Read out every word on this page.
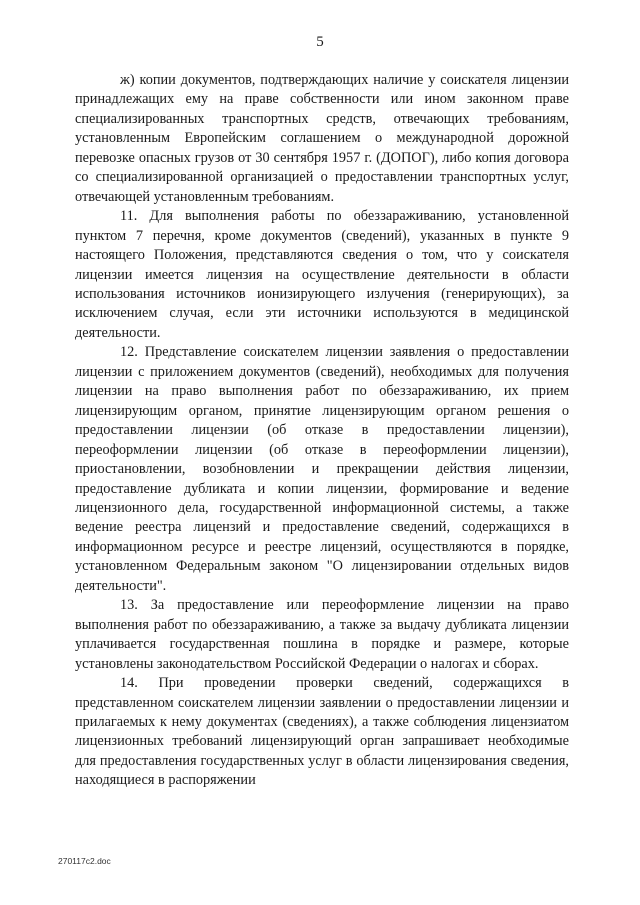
5

ж) копии документов, подтверждающих наличие у соискателя лицензии принадлежащих ему на праве собственности или ином законном праве специализированных транспортных средств, отвечающих требованиям, установленным Европейским соглашением о международной дорожной перевозке опасных грузов от 30 сентября 1957 г. (ДОПОГ), либо копия договора со специализированной организацией о предоставлении транспортных услуг, отвечающей установленным требованиям.

11. Для выполнения работы по обеззараживанию, установленной пунктом 7 перечня, кроме документов (сведений), указанных в пункте 9 настоящего Положения, представляются сведения о том, что у соискателя лицензии имеется лицензия на осуществление деятельности в области использования источников ионизирующего излучения (генерирующих), за исключением случая, если эти источники используются в медицинской деятельности.

12. Представление соискателем лицензии заявления о предоставлении лицензии с приложением документов (сведений), необходимых для получения лицензии на право выполнения работ по обеззараживанию, их прием лицензирующим органом, принятие лицензирующим органом решения о предоставлении лицензии (об отказе в предоставлении лицензии), переоформлении лицензии (об отказе в переоформлении лицензии), приостановлении, возобновлении и прекращении действия лицензии, предоставление дубликата и копии лицензии, формирование и ведение лицензионного дела, государственной информационной системы, а также ведение реестра лицензий и предоставление сведений, содержащихся в информационном ресурсе и реестре лицензий, осуществляются в порядке, установленном Федеральным законом "О лицензировании отдельных видов деятельности".

13. За предоставление или переоформление лицензии на право выполнения работ по обеззараживанию, а также за выдачу дубликата лицензии уплачивается государственная пошлина в порядке и размере, которые установлены законодательством Российской Федерации о налогах и сборах.

14. При проведении проверки сведений, содержащихся в представленном соискателем лицензии заявлении о предоставлении лицензии и прилагаемых к нему документах (сведениях), а также соблюдения лицензиатом лицензионных требований лицензирующий орган запрашивает необходимые для предоставления государственных услуг в области лицензирования сведения, находящиеся в распоряжении

270117c2.doc
